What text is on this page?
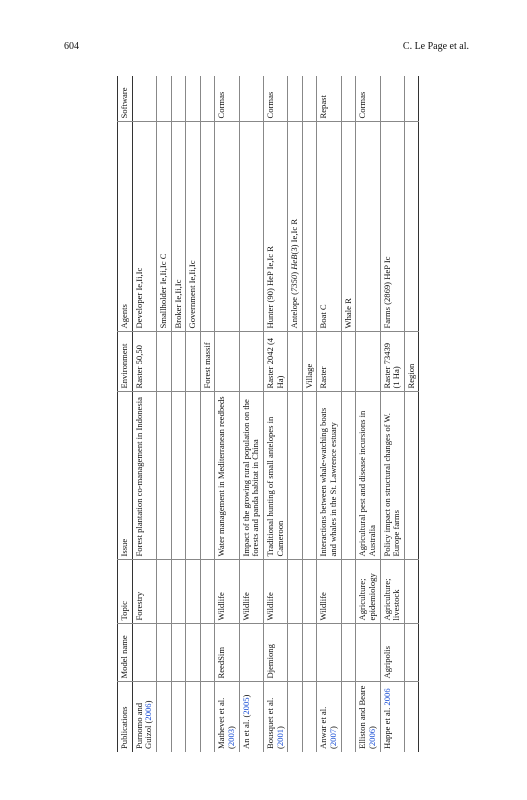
604	C. Le Page et al.
Publications	Model name	Topic	Issue	Environment	Agents	Software
Purnomo and Guizol (2006)		Forestry	Forest plantation co-management in Indonesia	Raster 50,50	Developer Ie,Ii,Ic	
					Smallholder Ie,Ii,Ic C	
					Broker Ie,Ii,Ic	
					Government Ie,Ii,Ic	
				Forest massif		
Mathevet et al. (2003)	ReedSim	Wildlife	Water management in Mediterranean reedbeds			Cormas
An et al. (2005)		Wildlife	Impact of the growing rural population on the forests and panda habitat in China			
Bousquet et al. (2001)	Djemiong	Wildlife	Traditional hunting of small antelopes in Cameroon	Raster 2042 (4 Ha)	Hunter (90) HeP Ie,Ic R	Cormas
					Antelope (7350) HeB(3) Ie,Ic R	
				Village		
Anwar et al. (2007)		Wildlife	Interactions between whale-watching boats and whales in the St. Lawrence estuary	Raster	Boat C	Repast
					Whale R	
Elliston and Beare (2006)		Agriculture; epidemiology	Agricultural pest and disease incursions in Australia			Cormas
Happe et al. 2006	Agripolis	Agriculture; livestock	Policy impact on structural changes of W. Europe farms	Raster 73439 (1 Ha)	Farms (2869) HeP Ic	
				Region		
